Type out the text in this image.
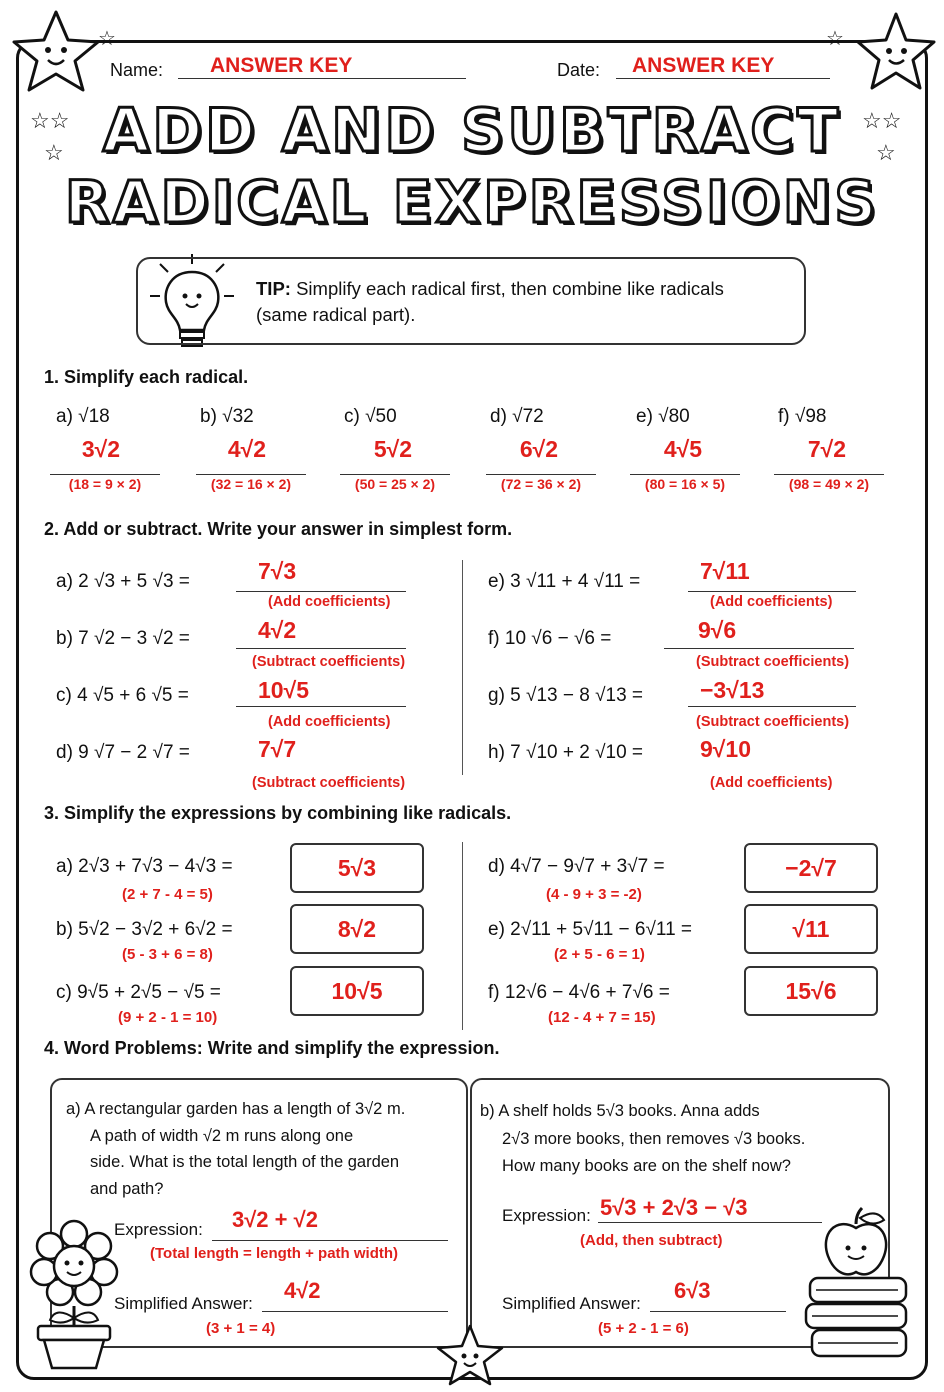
☆
☆☆
☆
☆
☆☆
☆
Name: ANSWER KEY	Date: ANSWER KEY
ADD AND SUBTRACT
RADICAL EXPRESSIONS
TIP: Simplify each radical first, then combine like radicals
(same radical part).
1. Simplify each radical.
a) √18
3√2
(18 = 9 × 2)
b) √32
4√2
(32 = 16 × 2)
c) √50
5√2
(50 = 25 × 2)
d) √72
6√2
(72 = 36 × 2)
e) √80
4√5
(80 = 16 × 5)
f) √98
7√2
(98 = 49 × 2)
2. Add or subtract. Write your answer in simplest form.
a) 2 √3 + 5 √3 =	7√3
(Add coefficients)
b) 7 √2 − 3 √2 =	4√2
(Subtract coefficients)
c) 4 √5 + 6 √5 =	10√5
(Add coefficients)
d) 9 √7 − 2 √7 =	7√7
(Subtract coefficients)
e) 3 √11 + 4 √11 =	7√11
(Add coefficients)
f) 10 √6 − √6 =	9√6
(Subtract coefficients)
g) 5 √13 − 8 √13 = −3√13
(Subtract coefficients)
h) 7 √10 + 2 √10 = 9√10
(Add coefficients)
3. Simplify the expressions by combining like radicals.
a) 2√3 + 7√3 − 4√3 =	5√3
(2 + 7 - 4 = 5)
b) 5√2 − 3√2 + 6√2 =	8√2
(5 - 3 + 6 = 8)
c) 9√5 + 2√5 − √5 =	10√5
(9 + 2 - 1 = 10)
d) 4√7 − 9√7 + 3√7 =	−2√7
(4 - 9 + 3 = -2)
e) 2√11 + 5√11 − 6√11 =	√11
(2 + 5 - 6 = 1)
f) 12√6 − 4√6 + 7√6 =	15√6
(12 - 4 + 7 = 15)
4. Word Problems: Write and simplify the expression.
a) A rectangular garden has a length of 3√2 m.
A path of width √2 m runs along one
side. What is the total length of the garden
and path?
Expression: 3√2 + √2
(Total length = length + path width)
Simplified Answer:
4√2
(3 + 1 = 4)
b) A shelf holds 5√3 books. Anna adds
2√3 more books, then removes √3 books.
How many books are on the shelf now?
Expression: 5√3 + 2√3 − √3
(Add, then subtract)
Simplified Answer:
6√3
(5 + 2 - 1 = 6)
